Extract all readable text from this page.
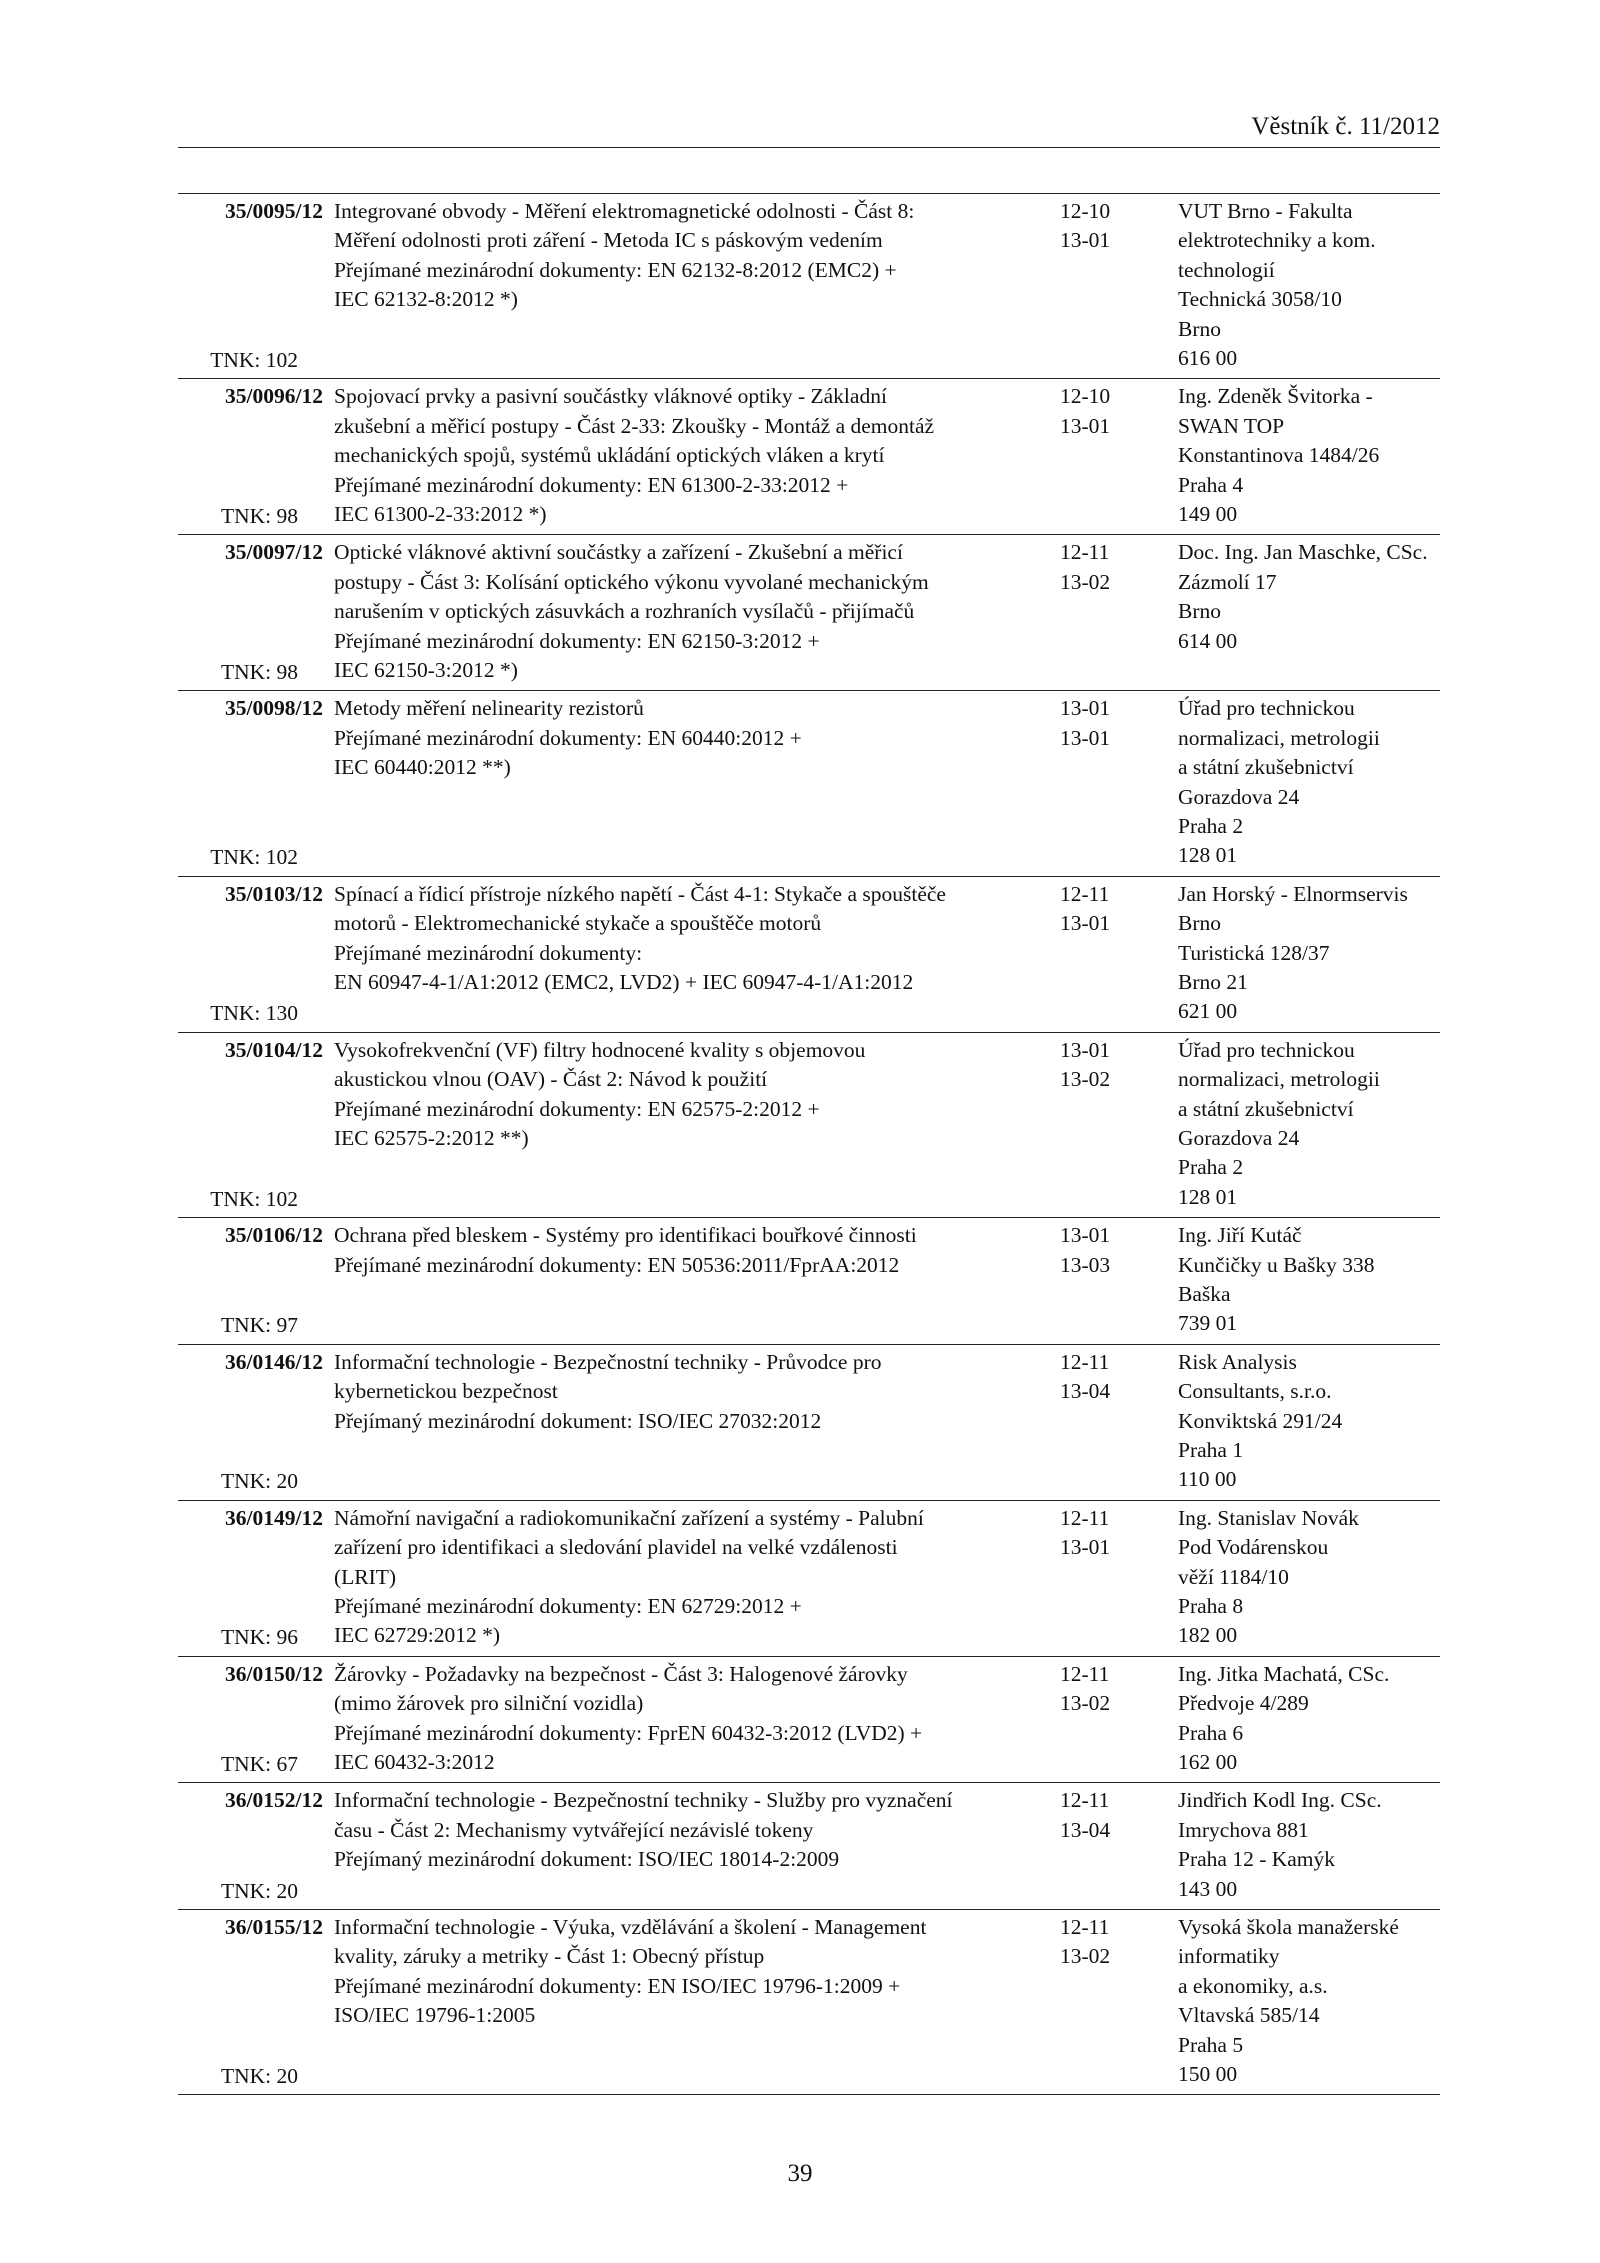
Věstník č. 11/2012
35/0095/12
TNK: 102
Integrované obvody - Měření elektromagnetické odolnosti - Část 8:
Měření odolnosti proti záření - Metoda IC s páskovým vedením
Přejímané mezinárodní dokumenty: EN 62132-8:2012 (EMC2) +
IEC 62132-8:2012 *)
12-10
13-01
VUT Brno - Fakulta
elektrotechniky a kom.
technologií
Technická 3058/10
Brno
616 00
35/0096/12
TNK: 98
Spojovací prvky a pasivní součástky vláknové optiky - Základní
zkušební a měřicí postupy - Část 2-33: Zkoušky - Montáž a demontáž
mechanických spojů, systémů ukládání optických vláken a krytí
Přejímané mezinárodní dokumenty: EN 61300-2-33:2012 +
IEC 61300-2-33:2012 *)
12-10
13-01
Ing. Zdeněk Švitorka -
SWAN TOP
Konstantinova 1484/26
Praha 4
149 00
35/0097/12
TNK: 98
Optické vláknové aktivní součástky a zařízení - Zkušební a měřicí
postupy - Část 3: Kolísání optického výkonu vyvolané mechanickým
narušením v optických zásuvkách a rozhraních vysílačů - přijímačů
Přejímané mezinárodní dokumenty: EN 62150-3:2012 +
IEC 62150-3:2012 *)
12-11
13-02
Doc. Ing. Jan Maschke, CSc.
Zázmolí 17
Brno
614 00
35/0098/12
TNK: 102
Metody měření nelinearity rezistorů
Přejímané mezinárodní dokumenty: EN 60440:2012 +
IEC 60440:2012 **)
13-01
13-01
Úřad pro technickou
normalizaci, metrologii
a státní zkušebnictví
Gorazdova 24
Praha 2
128 01
35/0103/12
TNK: 130
Spínací a řídicí přístroje nízkého napětí - Část 4-1: Stykače a spouštěče
motorů - Elektromechanické stykače a spouštěče motorů
Přejímané mezinárodní dokumenty:
EN 60947-4-1/A1:2012 (EMC2, LVD2) + IEC 60947-4-1/A1:2012
12-11
13-01
Jan Horský - Elnormservis
Brno
Turistická 128/37
Brno 21
621 00
35/0104/12
TNK: 102
Vysokofrekvenční (VF) filtry hodnocené kvality s objemovou
akustickou vlnou (OAV) - Část 2: Návod k použití
Přejímané mezinárodní dokumenty: EN 62575-2:2012 +
IEC 62575-2:2012 **)
13-01
13-02
Úřad pro technickou
normalizaci, metrologii
a státní zkušebnictví
Gorazdova 24
Praha 2
128 01
35/0106/12
TNK: 97
Ochrana před bleskem - Systémy pro identifikaci bouřkové činnosti
Přejímané mezinárodní dokumenty: EN 50536:2011/FprAA:2012
13-01
13-03
Ing. Jiří Kutáč
Kunčičky u Bašky 338
Baška
739 01
36/0146/12
TNK: 20
Informační technologie - Bezpečnostní techniky - Průvodce pro
kybernetickou bezpečnost
Přejímaný mezinárodní dokument: ISO/IEC 27032:2012
12-11
13-04
Risk Analysis
Consultants, s.r.o.
Konviktská 291/24
Praha 1
110 00
36/0149/12
TNK: 96
Námořní navigační a radiokomunikační zařízení a systémy - Palubní
zařízení pro identifikaci a sledování plavidel na velké vzdálenosti
(LRIT)
Přejímané mezinárodní dokumenty: EN 62729:2012 +
IEC 62729:2012 *)
12-11
13-01
Ing. Stanislav Novák
Pod Vodárenskou
věží 1184/10
Praha 8
182 00
36/0150/12
TNK: 67
Žárovky - Požadavky na bezpečnost - Část 3: Halogenové žárovky
(mimo žárovek pro silniční vozidla)
Přejímané mezinárodní dokumenty: FprEN 60432-3:2012 (LVD2) +
IEC 60432-3:2012
12-11
13-02
Ing. Jitka Machatá, CSc.
Předvoje 4/289
Praha 6
162 00
36/0152/12
TNK: 20
Informační technologie - Bezpečnostní techniky - Služby pro vyznačení
času - Část 2: Mechanismy vytvářející nezávislé tokeny
Přejímaný mezinárodní dokument: ISO/IEC 18014-2:2009
12-11
13-04
Jindřich Kodl Ing. CSc.
Imrychova 881
Praha 12 - Kamýk
143 00
36/0155/12
TNK: 20
Informační technologie - Výuka, vzdělávání a školení - Management
kvality, záruky a metriky - Část 1: Obecný přístup
Přejímané mezinárodní dokumenty: EN ISO/IEC 19796-1:2009 +
ISO/IEC 19796-1:2005
12-11
13-02
Vysoká škola manažerské
informatiky
a ekonomiky, a.s.
Vltavská 585/14
Praha 5
150 00
39
